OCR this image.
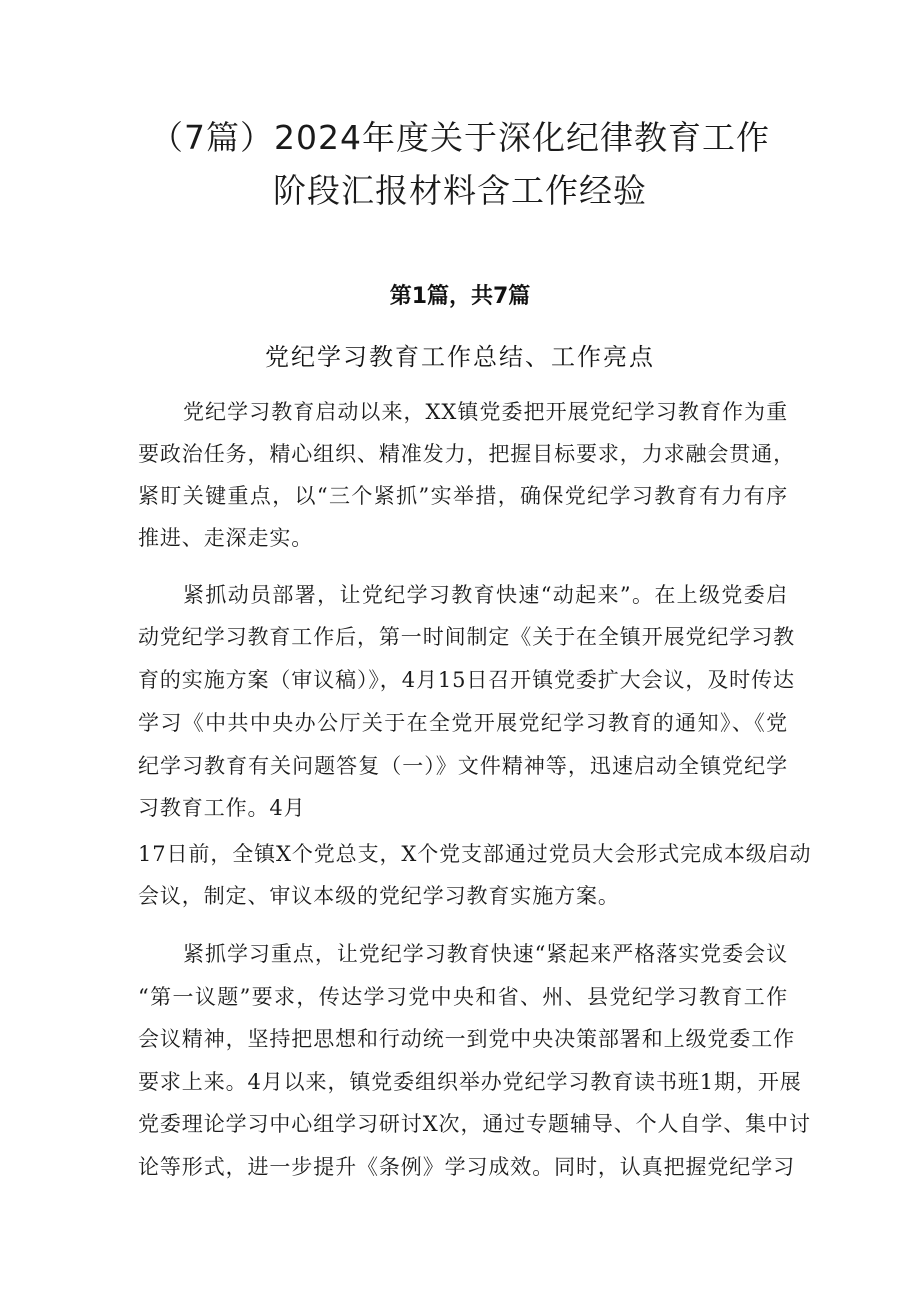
（7篇）2024年度关于深化纪律教育工作
阶段汇报材料含工作经验
第1篇，共7篇
党纪学习教育工作总结、工作亮点
党纪学习教育启动以来，XX镇党委把开展党纪学习教育作为重
要政治任务，精心组织、精准发力，把握目标要求，力求融会贯通，
紧盯关键重点，以“三个紧抓”实举措，确保党纪学习教育有力有序
推进、走深走实。
紧抓动员部署，让党纪学习教育快速“动起来”。在上级党委启
动党纪学习教育工作后，第一时间制定《关于在全镇开展党纪学习教
育的实施方案（审议稿）》，4月15日召开镇党委扩大会议，及时传达
学习《中共中央办公厅关于在全党开展党纪学习教育的通知》、《党
纪学习教育有关问题答复（一）》文件精神等，迅速启动全镇党纪学
习教育工作。4月
17日前，全镇X个党总支，X个党支部通过党员大会形式完成本级启动
会议，制定、审议本级的党纪学习教育实施方案。
紧抓学习重点，让党纪学习教育快速“紧起来严格落实党委会议
“第一议题”要求，传达学习党中央和省、州、县党纪学习教育工作
会议精神，坚持把思想和行动统一到党中央决策部署和上级党委工作
要求上来。4月以来，镇党委组织举办党纪学习教育读书班1期，开展
党委理论学习中心组学习研讨X次，通过专题辅导、个人自学、集中讨
论等形式，进一步提升《条例》学习成效。同时，认真把握党纪学习
